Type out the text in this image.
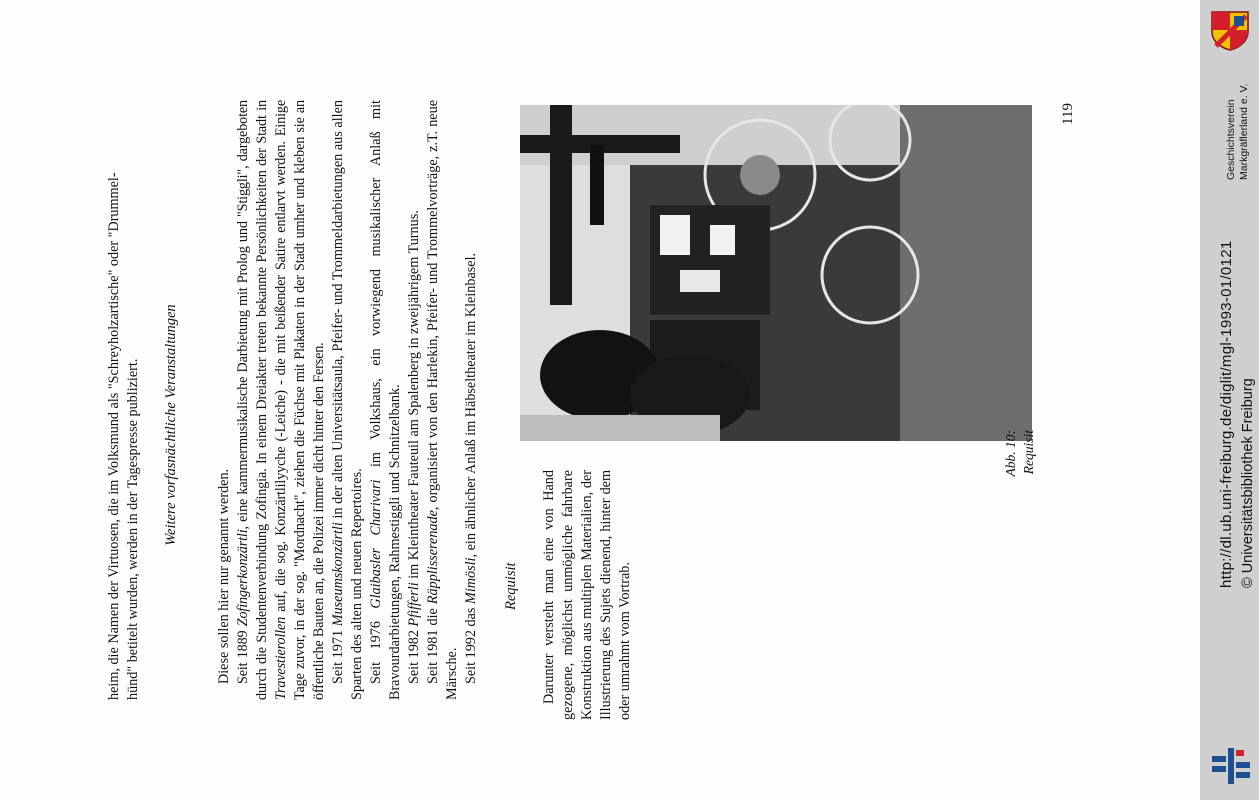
heim, die Namen der Virtuosen, die im Volksmund als "Schreyholzartische" oder "Drummel- hünd" betitelt wurden, werden in der Tagespresse publiziert.	Diese sollen hier nur genannt werden. Seit 1889 Zofingerkonzärtli, eine kammermusikalische Darbietung mit Prolog und "Stiggli", dargeboten durch die Studentenverbindung Zofingia. In einem Dreiakter treten bekannte Persönlichkeiten der Stadt in Travestierollen auf, die sog. Konzärtlilyyche (-Leiche) - die mit beißender Satire entlarvt werden. Einige Tage zuvor, in der sog. "Mordnacht", ziehen die Füchse mit Plakaten in der Stadt umher und kleben sie an öffentliche Bauten an, die Polizei immer dicht hinter den Fersen. Seit 1971 Museumskonzärtli in der alten Universitätsaula, Pfeifer- und Trommeldarbietungen aus allen Sparten des alten und neuen Repertoires. Seit 1976 Glaibasler Charivari im Volkshaus, ein vorwiegend musikalischer Anlaß mit Bravourdarbietungen, Rahmestiggli und Schnitzelbank. Seit 1982 Pfifferli im Kleintheater Fauteuil am Spalenberg in zweijährigem Turnus.

Seit 1981 die Räpplisserenade, organisiert von den Harlekin, Pfeifer- und Trommelvorträge, z.T. neue Märsche. Seit 1992 das Mimösli, ein ähnlicher Anlaß im Häbseltheater im Kleinbasel.

Weitere vorfasnächtliche Veranstaltungen
Requisit Darunter versteht man eine von Hand gezogene, möglichst unmögliche fahrbare Konstruktion aus multiplen Materialien, der Illustrierung des Sujets dienend, hinter dem oder umrahmt vom Vortrab.

Abb. 10: Requisit
119	Geschichtsverein Markgräflerland e. V.
http://dl.ub.uni-freiburg.de/diglit/mgl-1993-01/0121 © Universitätsbibliothek Freiburg
